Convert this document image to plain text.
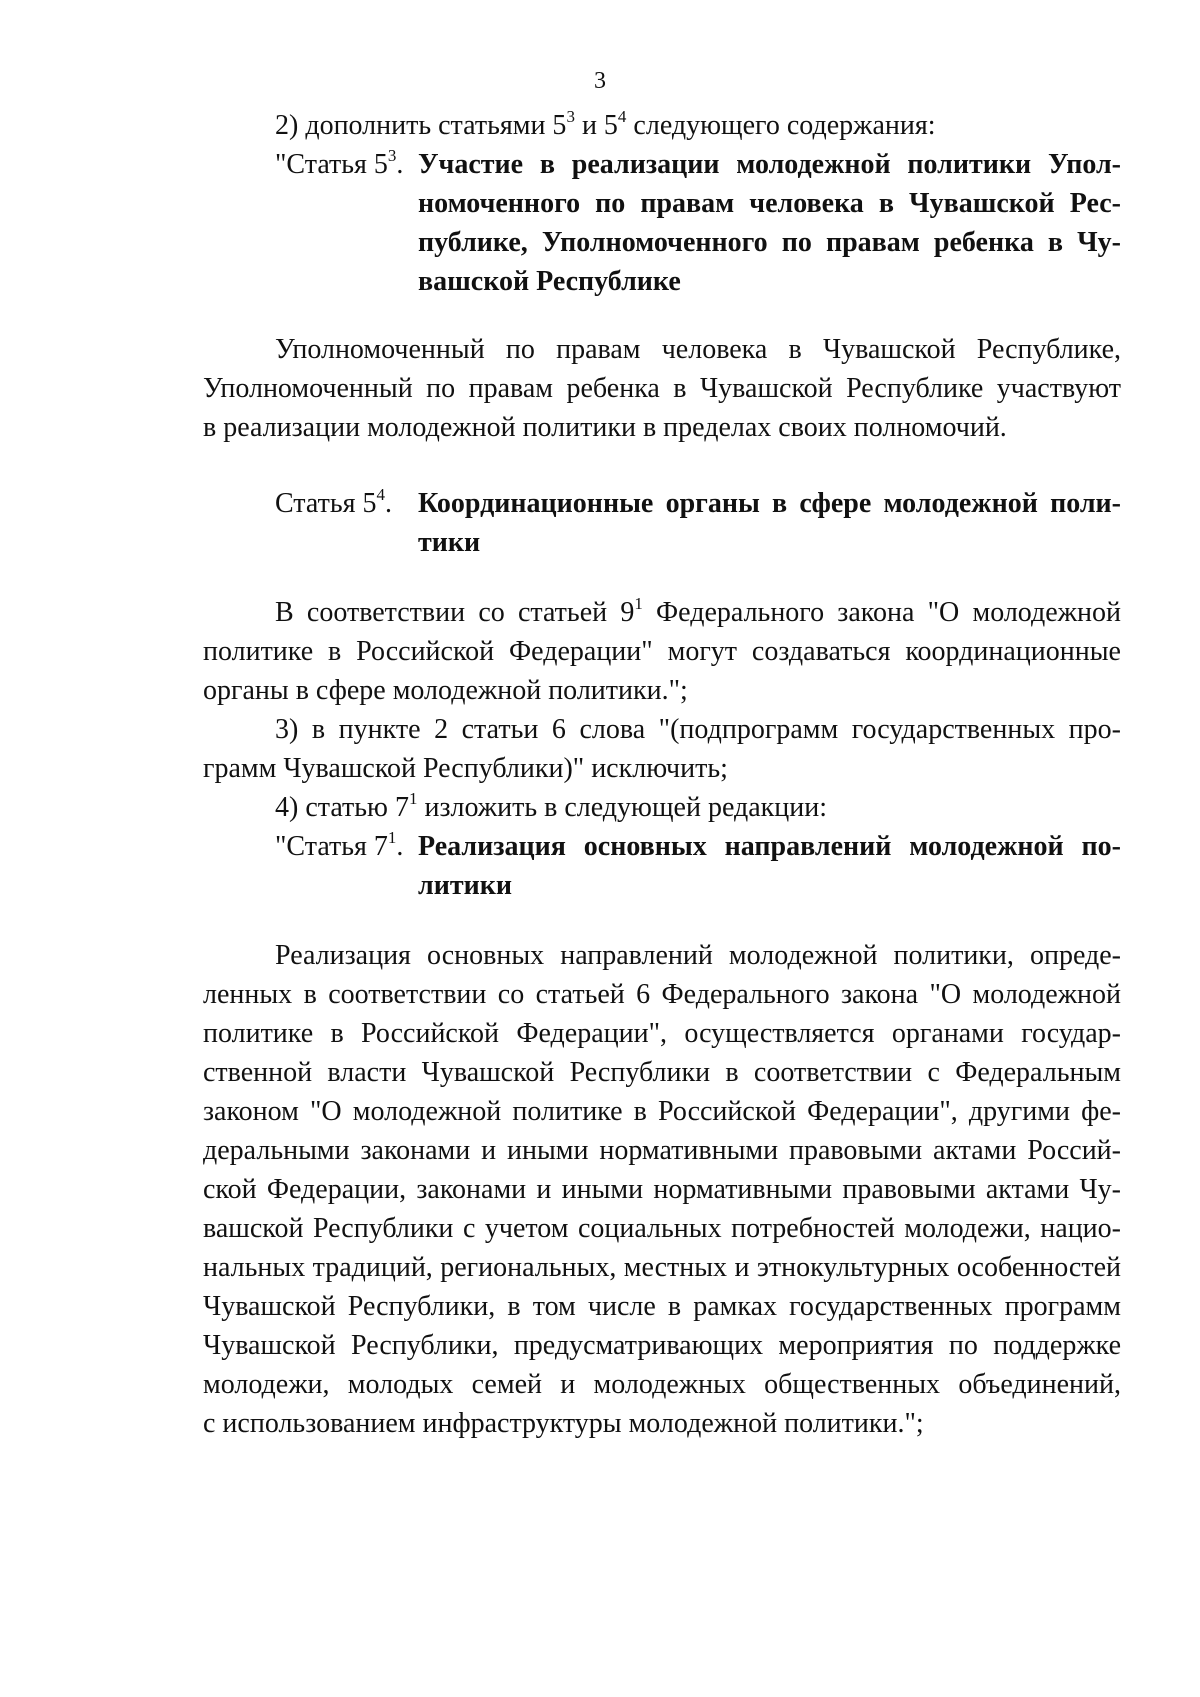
3
2) дополнить статьями $5^3$ и $5^4$ следующего содержания:
"Статья $5^3$. Участие в реализации молодежной политики Упол-
номоченного по правам человека в Чувашской Рес-
публике, Уполномоченного по правам ребенка в Чу-
вашской Республике
Уполномоченный по правам человека в Чувашской Республике,
Уполномоченный по правам ребенка в Чувашской Республике участвуют
в реализации молодежной политики в пределах своих полномочий.
Статья $5^4$. Координационные органы в сфере молодежной поли-
тики
В соответствии со статьей $9^1$ Федерального закона "О молодежной
политике в Российской Федерации" могут создаваться координационные
органы в сфере молодежной политики.";
3) в пункте 2 статьи 6 слова "(подпрограмм государственных про-
грамм Чувашской Республики)" исключить;
4) статью $7^1$ изложить в следующей редакции:
"Статья $7^1$. Реализация основных направлений молодежной по-
литики
Реализация основных направлений молодежной политики, опреде-
ленных в соответствии со статьей 6 Федерального закона "О молодежной
политике в Российской Федерации", осуществляется органами государ-
ственной власти Чувашской Республики в соответствии с Федеральным
законом "О молодежной политике в Российской Федерации", другими фе-
деральными законами и иными нормативными правовыми актами Россий-
ской Федерации, законами и иными нормативными правовыми актами Чу-
вашской Республики с учетом социальных потребностей молодежи, нацио-
нальных традиций, региональных, местных и этнокультурных особенностей
Чувашской Республики, в том числе в рамках государственных программ
Чувашской Республики, предусматривающих мероприятия по поддержке
молодежи, молодых семей и молодежных общественных объединений,
с использованием инфраструктуры молодежной политики.";
